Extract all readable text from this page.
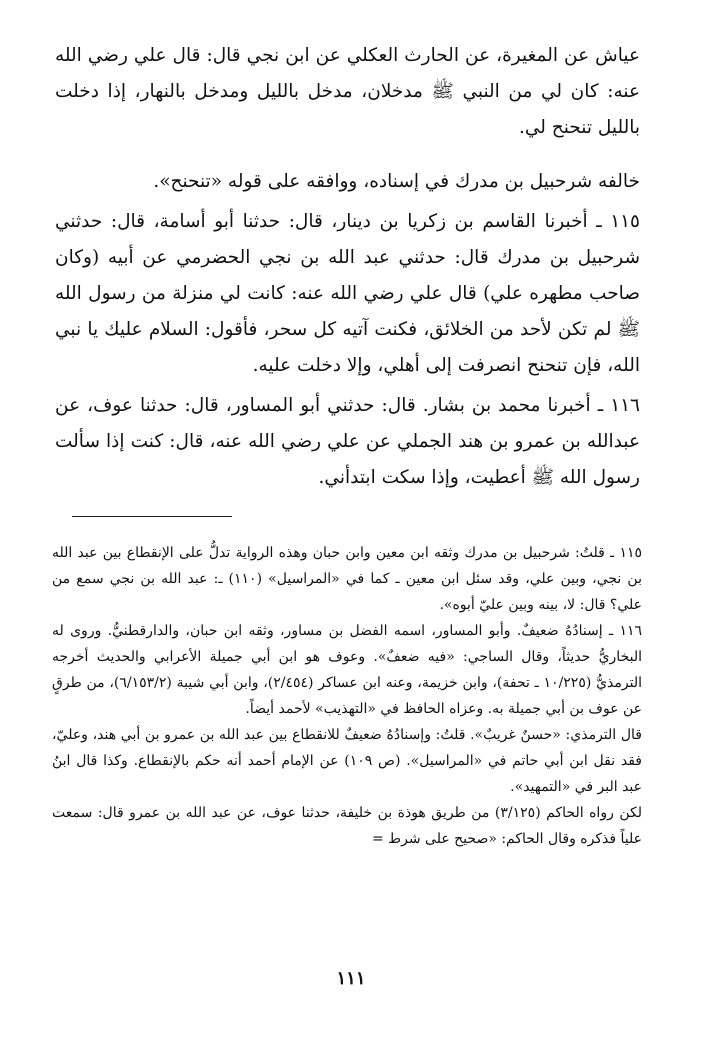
عياش عن المغيرة، عن الحارث العكلي عن ابن نجي قال: قال علي رضي الله عنه: كان لي من النبي ﷺ مدخلان، مدخل بالليل ومدخل بالنهار، إذا دخلت بالليل تنحنح لي.

خالفه شرحبيل بن مدرك في إسناده، ووافقه على قوله «تنحنح».

١١٥ ـ أخبرنا القاسم بن زكريا بن دينار، قال: حدثنا أبو أسامة، قال: حدثني شرحبيل بن مدرك قال: حدثني عبد الله بن نجي الحضرمي عن أبيه (وكان صاحب مطهره علي) قال علي رضي الله عنه: كانت لي منزلة من رسول الله ﷺ لم تكن لأحد من الخلائق، فكنت آتيه كل سحر، فأقول: السلام عليك يا نبي الله، فإن تنحنح انصرفت إلى أهلي، وإلا دخلت عليه.

١١٦ ـ أخبرنا محمد بن بشار. قال: حدثني أبو المساور، قال: حدثنا عوف، عن عبدالله بن عمرو بن هند الجملي عن علي رضي الله عنه، قال: كنت إذا سألت رسول الله ﷺ أعطيت، وإذا سكت ابتدأني.

١١٥ ـ قلتُ: شرحبيل بن مدرك وثقه ابن معين وابن حبان وهذه الرواية تدلُّ على الإنقطاع بين عبد الله بن نجي، وبين علي، وقد سئل ابن معين ـ كما في «المراسيل» (١١٠) ـ: عبد الله بن نجي سمع من علي؟ قال: لا، بينه وبين عليّ أبوه».

١١٦ ـ إسنادُهُ ضعيفٌ. وأبو المساور، اسمه الفضل بن مساور، وثقه ابن حبان، والدارقطنيُّ. وروى له البخاريُّ حديثاً، وقال الساجي: «فيه ضعفٌ». وعوف هو ابن أبي جميلة الأعرابي والحديث أخرجه الترمذيُّ (١٠/٢٢٥ ـ تحفة)، وابن خزيمة، وعنه ابن عساكر (٢/٤٥٤)، وابن أبي شيبة (٦/١٥٣/٢)، من طرقٍ عن عوف بن أبي جميلة به. وعزاه الحافظ في «التهذيب» لأحمد أيضاً.

قال الترمذي: «حسنٌ غريبٌ». قلتُ: وإسنادُهُ ضعيفٌ للانقطاع بين عبد الله بن عمرو بن أبي هند، وعليّ، فقد نقل ابن أبي حاتم في «المراسيل». (ص ١٠٩) عن الإمام أحمد أنه حكم بالإنقطاع. وكذا قال ابنُ عبد البر في «التمهيد».

لكن رواه الحاكم (٣/١٢٥) من طريق هوذة بن خليفة، حدثنا عوف، عن عبد الله بن عمرو قال: سمعت علياً فذكره وقال الحاكم: «صحيح على شرط =

١١١
